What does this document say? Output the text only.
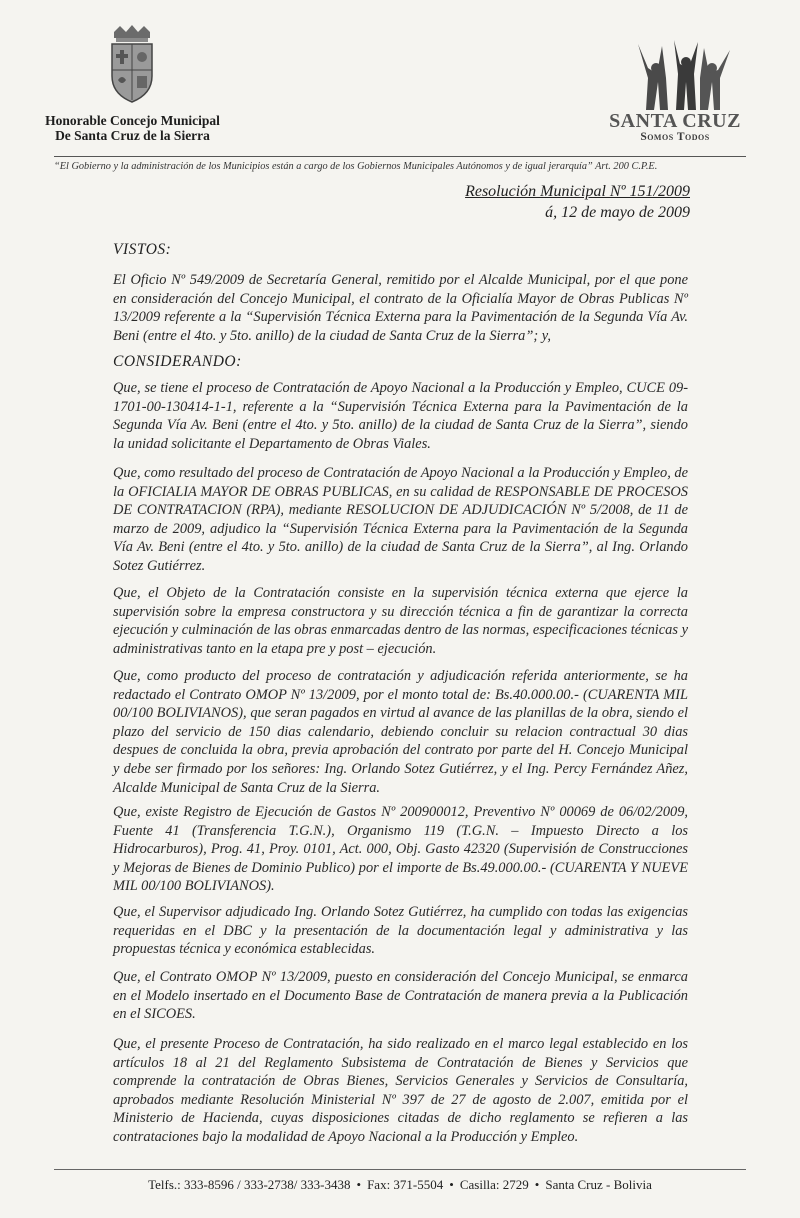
Honorable Concejo Municipal
De Santa Cruz de la Sierra
SANTA CRUZ
Somos Todos
“El Gobierno y la administración de los Municipios están a cargo de los Gobiernos Municipales Autónomos y de igual jerarquía” Art. 200 C.P.E.
Resolución Municipal Nº 151/2009
á, 12 de mayo de 2009
VISTOS:
El Oficio Nº 549/2009 de Secretaría General, remitido por el Alcalde Municipal, por el que pone en consideración del Concejo Municipal, el contrato de la Oficialía Mayor de Obras Publicas Nº 13/2009 referente a la “Supervisión Técnica Externa para la Pavimentación de la Segunda Vía Av. Beni (entre el 4to. y 5to. anillo) de la ciudad de Santa Cruz de la Sierra”; y,
CONSIDERANDO:
Que, se tiene el proceso de Contratación de Apoyo Nacional a la Producción y Empleo, CUCE 09-1701-00-130414-1-1, referente a la “Supervisión Técnica Externa para la Pavimentación de la Segunda Vía Av. Beni (entre el 4to. y 5to. anillo) de la ciudad de Santa Cruz de la Sierra”, siendo la unidad solicitante el Departamento de Obras Viales.
Que, como resultado del proceso de Contratación de Apoyo Nacional a la Producción y Empleo, de la OFICIALIA MAYOR DE OBRAS PUBLICAS, en su calidad de RESPONSABLE DE PROCESOS DE CONTRATACION (RPA), mediante RESOLUCION DE ADJUDICACIÓN Nº 5/2008, de 11 de marzo de 2009, adjudico la “Supervisión Técnica Externa para la Pavimentación de la Segunda Vía Av. Beni (entre el 4to. y 5to. anillo) de la ciudad de Santa Cruz de la Sierra”, al Ing. Orlando Sotez Gutiérrez.
Que, el Objeto de la Contratación consiste en la supervisión técnica externa que ejerce la supervisión sobre la empresa constructora y su dirección técnica a fin de garantizar la correcta ejecución y culminación de las obras enmarcadas dentro de las normas, especificaciones técnicas y administrativas tanto en la etapa pre y post – ejecución.
Que, como producto del proceso de contratación y adjudicación referida anteriormente, se ha redactado el Contrato OMOP Nº 13/2009, por el monto total de: Bs.40.000.00.- (CUARENTA MIL 00/100 BOLIVIANOS), que seran pagados en virtud al avance de las planillas de la obra, siendo el plazo del servicio de 150 dias calendario, debiendo concluir su relacion contractual 30 dias despues de concluida la obra, previa aprobación del contrato por parte del H. Concejo Municipal y debe ser firmado por los señores: Ing. Orlando Sotez Gutiérrez, y el Ing. Percy Fernández Añez, Alcalde Municipal de Santa Cruz de la Sierra.
Que, existe Registro de Ejecución de Gastos Nº 200900012, Preventivo Nº 00069 de 06/02/2009, Fuente 41 (Transferencia T.G.N.), Organismo 119 (T.G.N. – Impuesto Directo a los Hidrocarburos), Prog. 41, Proy. 0101, Act. 000, Obj. Gasto 42320 (Supervisión de Construcciones y Mejoras de Bienes de Dominio Publico) por el importe de Bs.49.000.00.- (CUARENTA Y NUEVE MIL 00/100 BOLIVIANOS).
Que, el Supervisor adjudicado Ing. Orlando Sotez Gutiérrez, ha cumplido con todas las exigencias requeridas en el DBC y la presentación de la documentación legal y administrativa y las propuestas técnica y económica establecidas.
Que, el Contrato OMOP Nº 13/2009, puesto en consideración del Concejo Municipal, se enmarca en el Modelo insertado en el Documento Base de Contratación de manera previa a la Publicación en el SICOES.
Que, el presente Proceso de Contratación, ha sido realizado en el marco legal establecido en los artículos 18 al 21 del Reglamento Subsistema de Contratación de Bienes y Servicios que comprende la contratación de Obras Bienes, Servicios Generales y Servicios de Consultaría, aprobados mediante Resolución Ministerial Nº 397 de 27 de agosto de 2.007, emitida por el Ministerio de Hacienda, cuyas disposiciones citadas de dicho reglamento se refieren a las contrataciones bajo la modalidad de Apoyo Nacional a la Producción y Empleo.
Telfs.: 333-8596 / 333-2738/ 333-3438 • Fax: 371-5504 • Casilla: 2729 • Santa Cruz - Bolivia
